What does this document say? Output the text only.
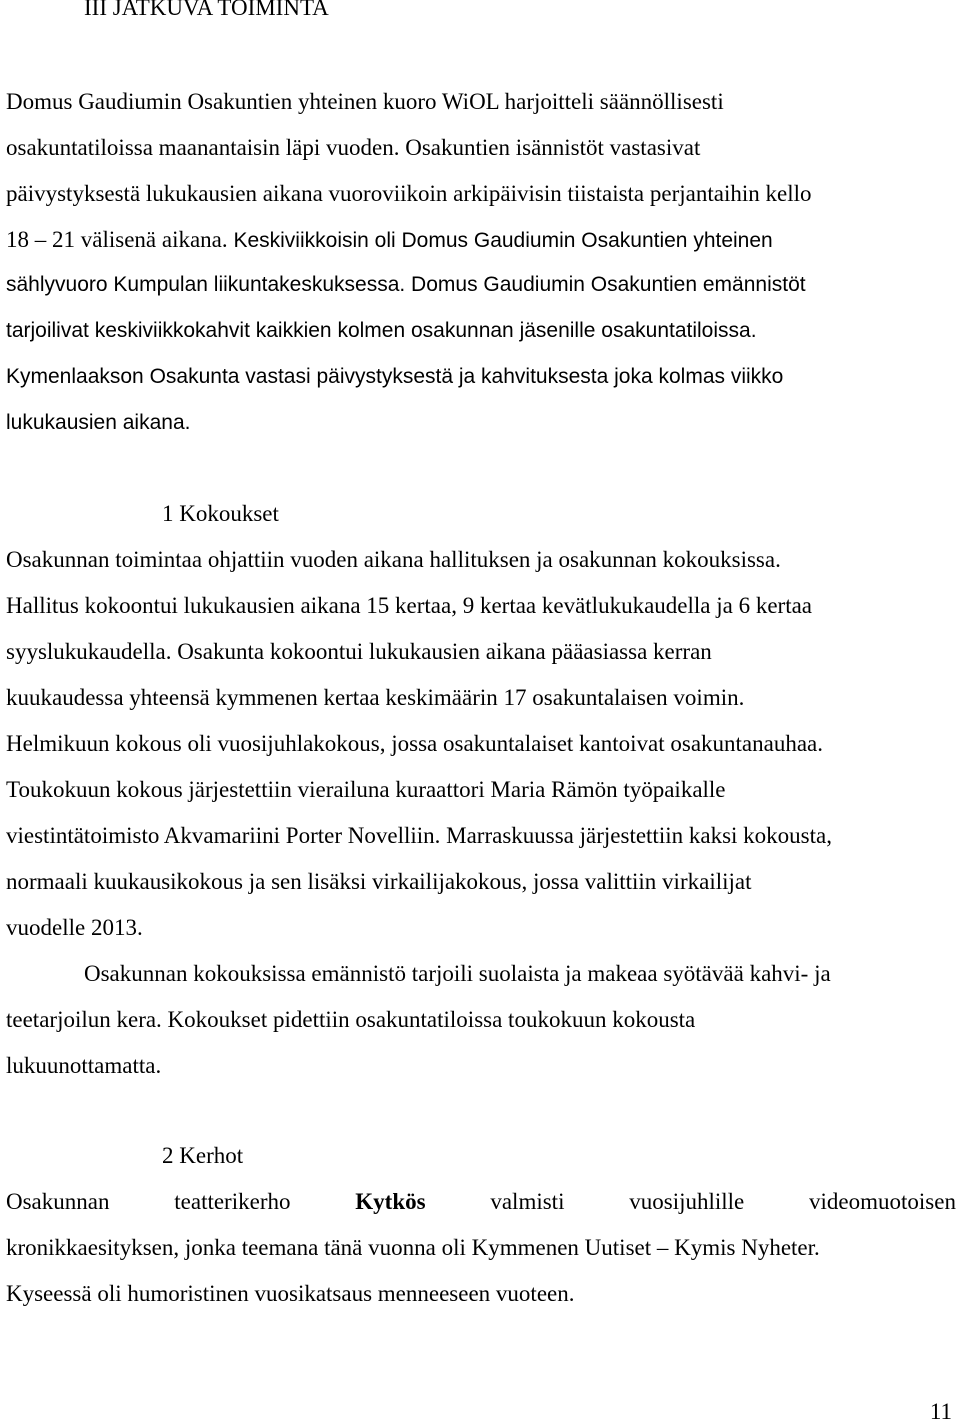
III JATKUVA TOIMINTA
Domus Gaudiumin Osakuntien yhteinen kuoro WiOL harjoitteli säännöllisesti
osakuntatiloissa maanantaisin läpi vuoden. Osakuntien isännistöt vastasivat
päivystyksestä lukukausien aikana vuoroviikoin arkipäivisin tiistaista perjantaihin kello
18 – 21 välisenä aikana. Keskiviikkoisin oli Domus Gaudiumin Osakuntien yhteinen
sählyvuoro Kumpulan liikuntakeskuksessa. Domus Gaudiumin Osakuntien emännistöt
tarjoilivat keskiviikkokahvit kaikkien kolmen osakunnan jäsenille osakuntatiloissa.
Kymenlaakson Osakunta vastasi päivystyksestä ja kahvituksesta joka kolmas viikko
lukukausien aikana.
1 Kokoukset
Osakunnan toimintaa ohjattiin vuoden aikana hallituksen ja osakunnan kokouksissa.
Hallitus kokoontui lukukausien aikana 15 kertaa, 9 kertaa kevätlukukaudella ja 6 kertaa
syyslukukaudella. Osakunta kokoontui lukukausien aikana pääasiassa kerran
kuukaudessa yhteensä kymmenen kertaa keskimäärin 17 osakuntalaisen voimin.
Helmikuun kokous oli vuosijuhlakokous, jossa osakuntalaiset kantoivat osakuntanauhaa.
Toukokuun kokous järjestettiin vierailuna kuraattori Maria Rämön työpaikalle
viestintätoimisto Akvamariini Porter Novelliin. Marraskuussa järjestettiin kaksi kokousta,
normaali kuukausikokous ja sen lisäksi virkailijakokous, jossa valittiin virkailijat
vuodelle 2013.
Osakunnan kokouksissa emännistö tarjoili suolaista ja makeaa syötävää kahvi- ja
teetarjoilun kera. Kokoukset pidettiin osakuntatiloissa toukokuun kokousta
lukuunottamatta.
2 Kerhot
Osakunnan	teatterikerho	Kytkös	valmisti	vuosijuhlille	videomuotoisen
kronikkaesityksen, jonka teemana tänä vuonna oli Kymmenen Uutiset – Kymis Nyheter.
Kyseessä oli humoristinen vuosikatsaus menneeseen vuoteen.
11
